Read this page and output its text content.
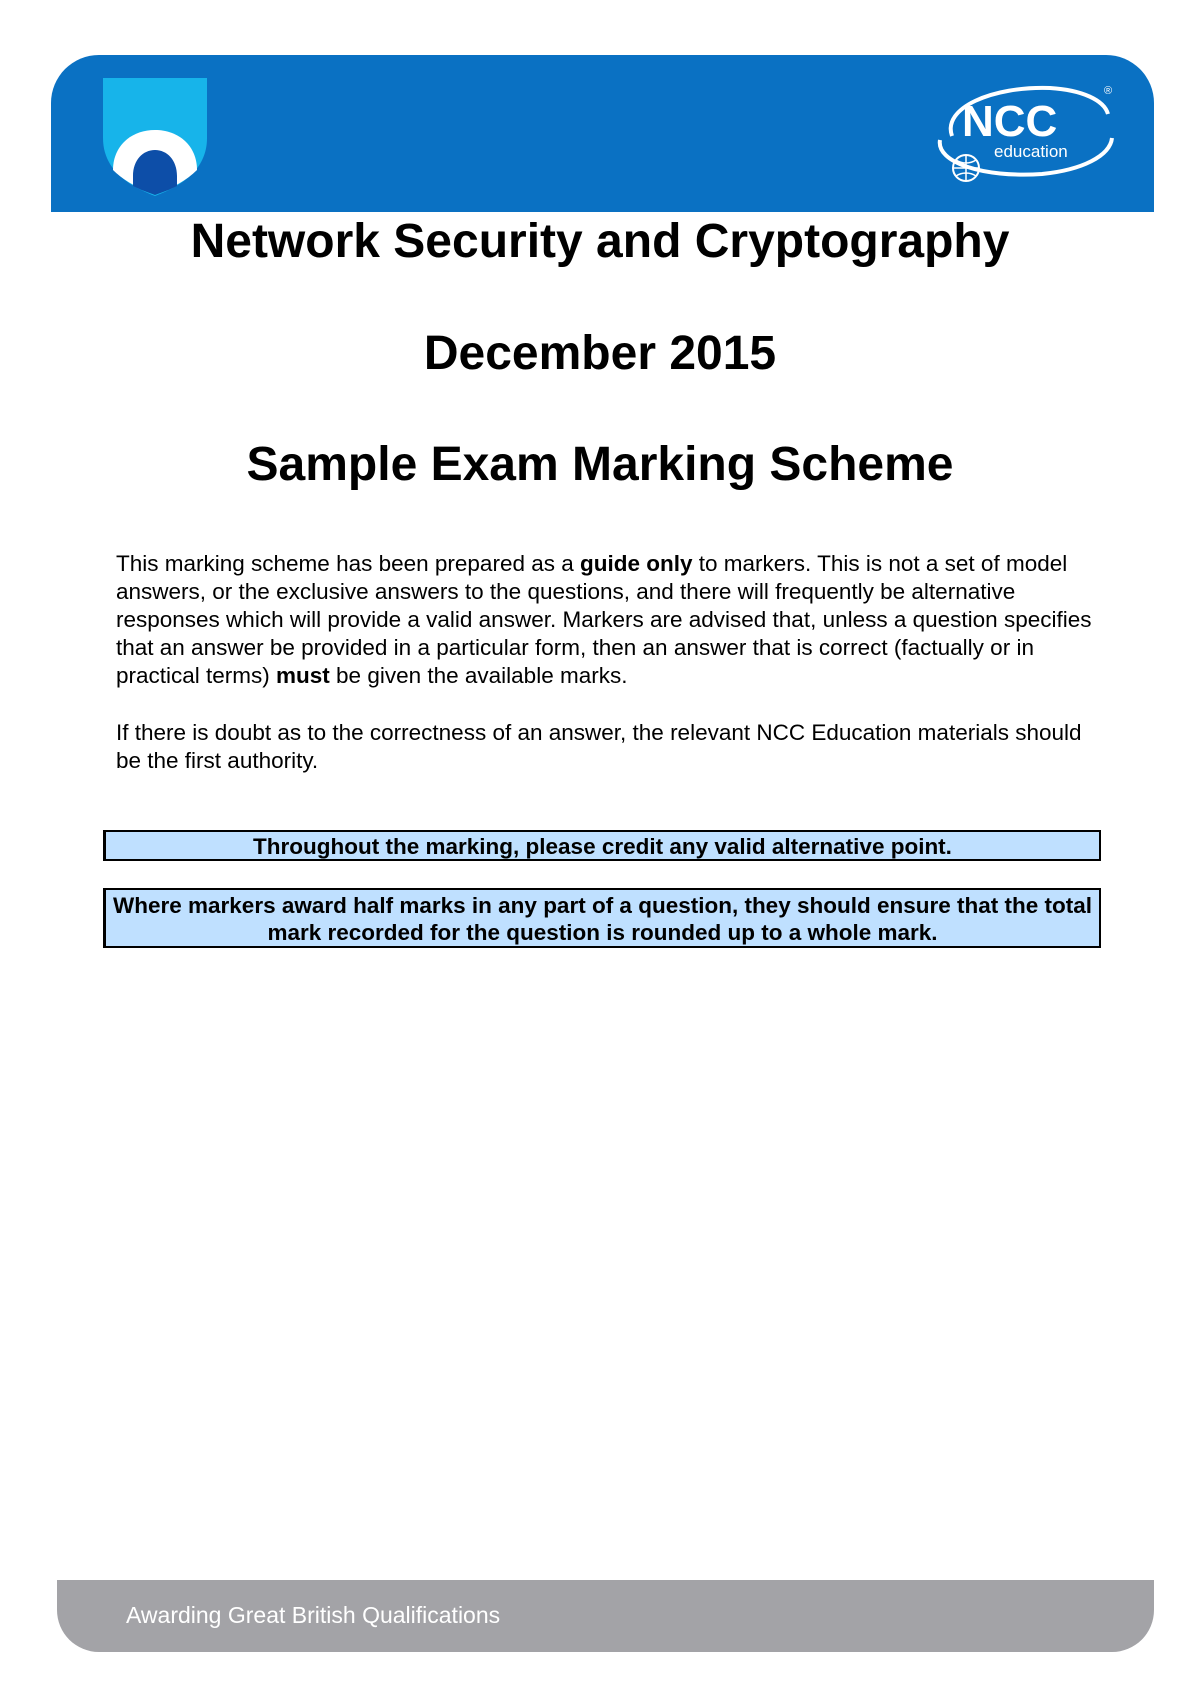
NCC
education
®
Network Security and Cryptography
December 2015
Sample Exam Marking Scheme
This marking scheme has been prepared as a guide only to markers. This is not a set of model answers, or the exclusive answers to the questions, and there will frequently be alternative responses which will provide a valid answer. Markers are advised that, unless a question specifies that an answer be provided in a particular form, then an answer that is correct (factually or in practical terms) must be given the available marks.
If there is doubt as to the correctness of an answer, the relevant NCC Education materials should be the first authority.
Throughout the marking, please credit any valid alternative point.
Where markers award half marks in any part of a question, they should ensure that the total mark recorded for the question is rounded up to a whole mark.
Awarding Great British Qualifications
